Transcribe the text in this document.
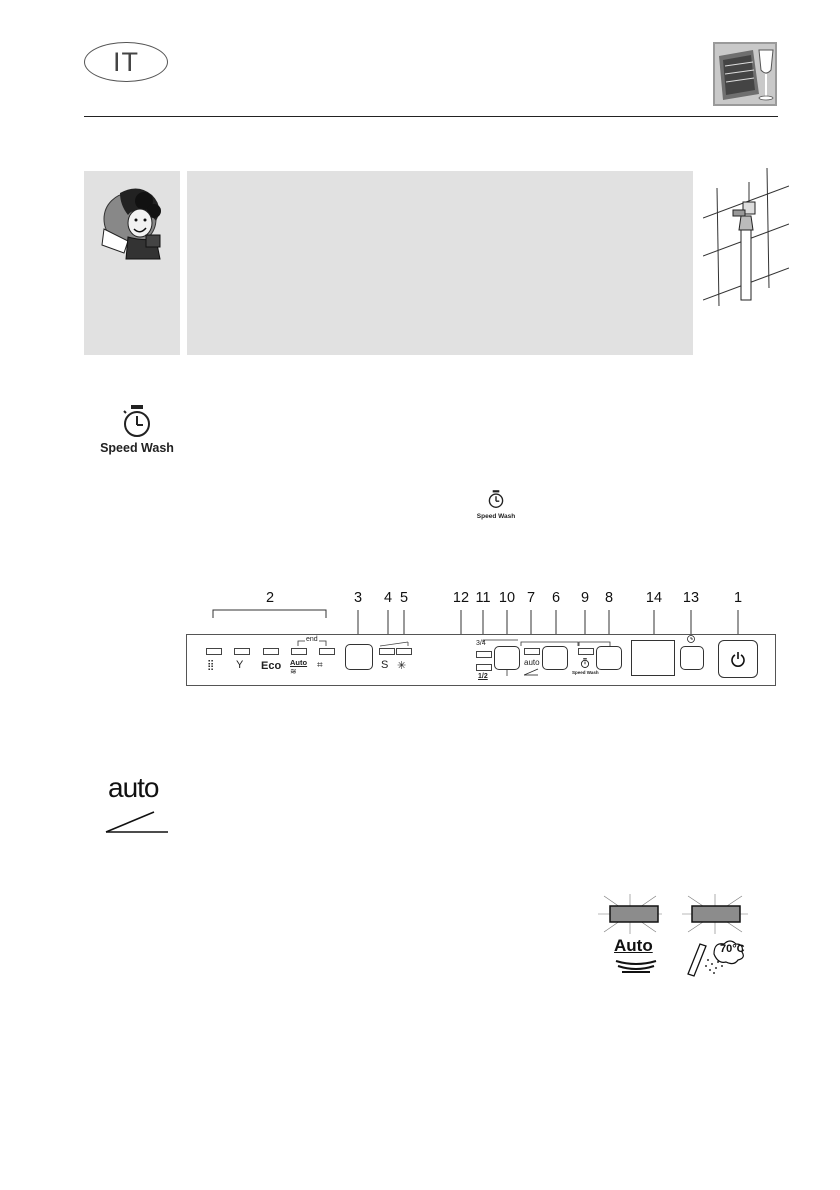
IT
Speed Wash
Speed Wash
2	3 4 5	12 11 10 7 6 9 8 14 13 1
end
⣿ Y Eco Auto
≋
⌗	S ✳
3/4
1/2
auto
Speed Wash
auto
Auto	70°C
